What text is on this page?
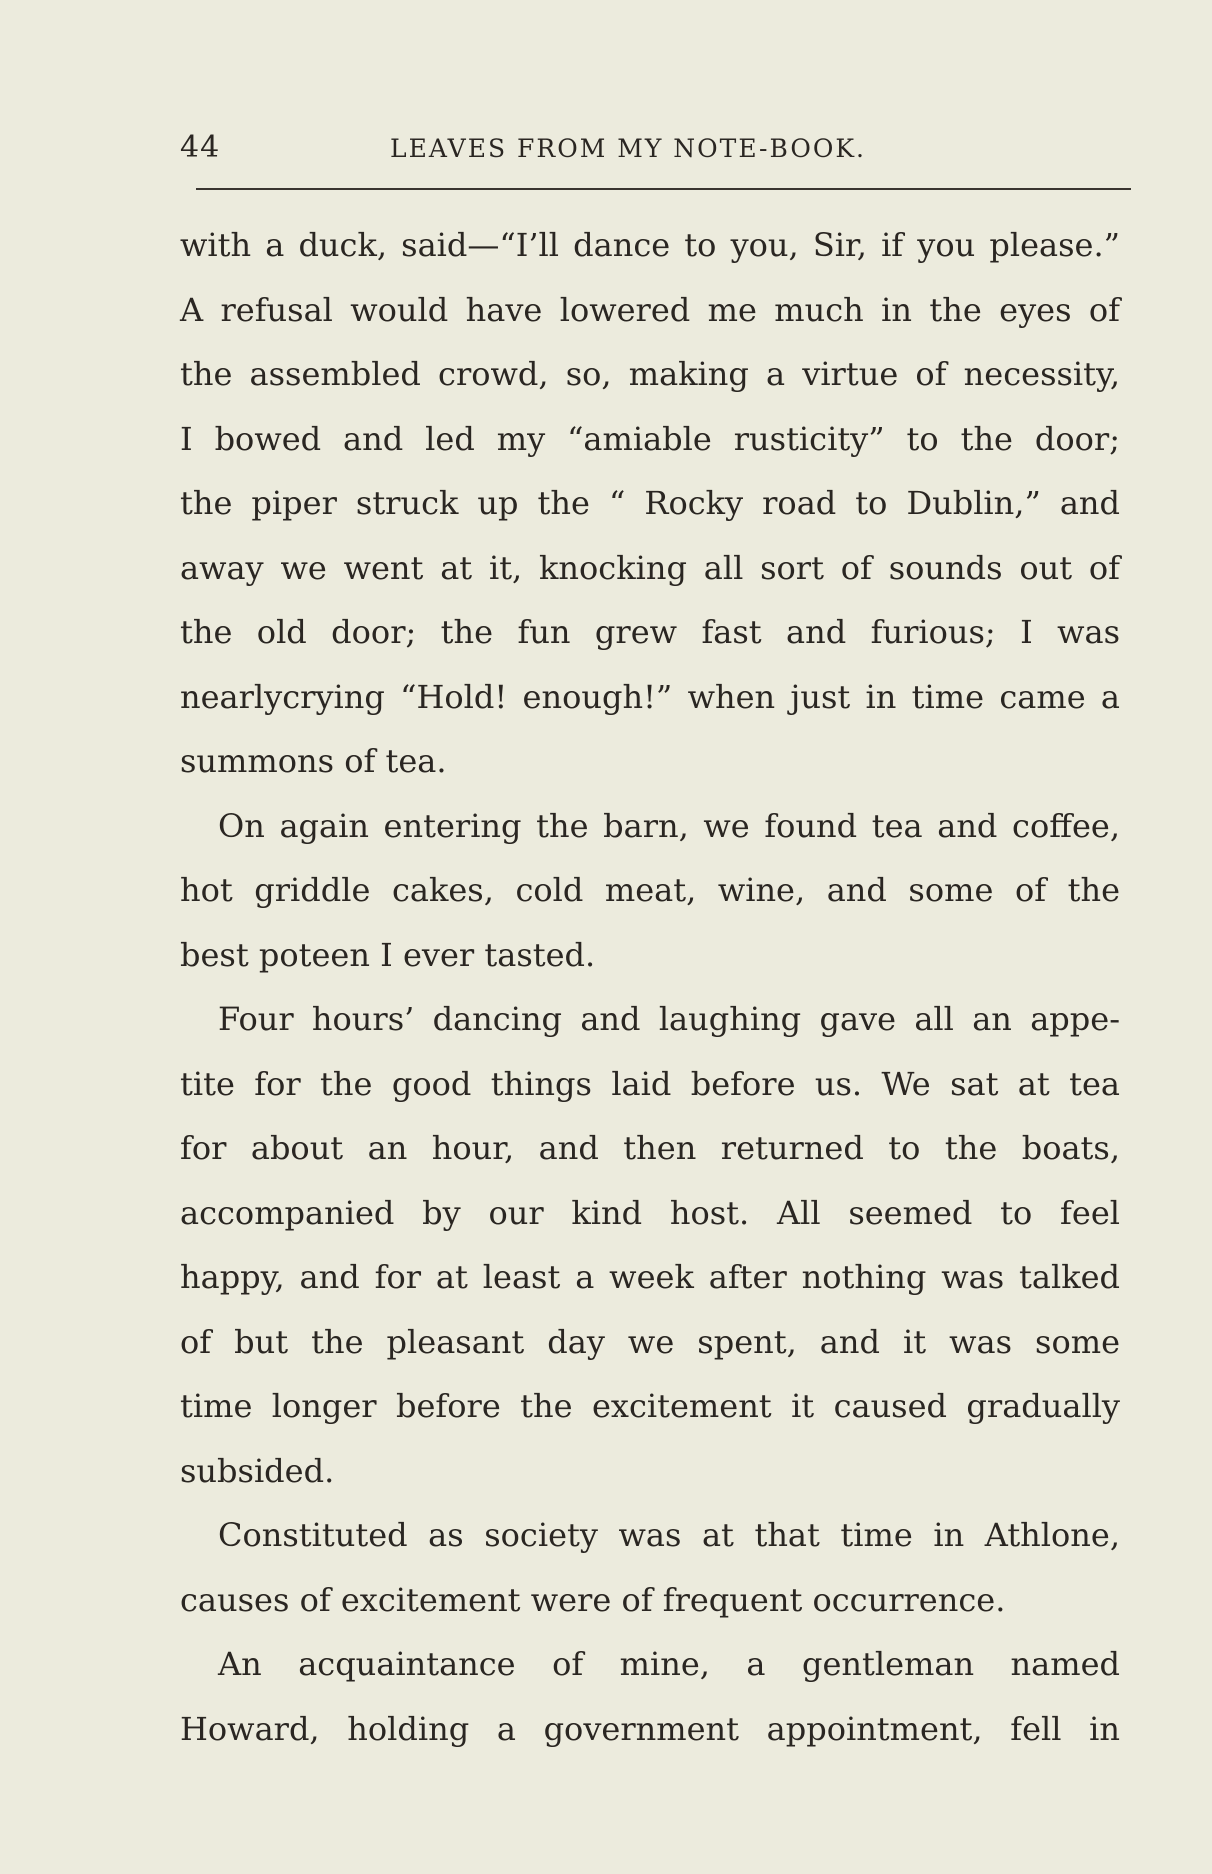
44	LEAVES FROM MY NOTE-BOOK.
with a duck, said—“I’ll dance to you, Sir, if you please.”
A refusal would have lowered me much in the eyes of
the assembled crowd, so, making a virtue of necessity,
I bowed and led my “amiable rusticity” to the door;
the piper struck up the “ Rocky road to Dublin,” and
away we went at it, knocking all sort of sounds out of
the old door; the fun grew fast and furious; I was
nearlycrying “Hold! enough!” when just in time came a
summons of tea.
On again entering the barn, we found tea and coffee,
hot griddle cakes, cold meat, wine, and some of the
best poteen I ever tasted.
Four hours’ dancing and laughing gave all an appe-
tite for the good things laid before us. We sat at tea
for about an hour, and then returned to the boats,
accompanied by our kind host. All seemed to feel
happy, and for at least a week after nothing was talked
of but the pleasant day we spent, and it was some
time longer before the excitement it caused gradually
subsided.
Constituted as society was at that time in Athlone,
causes of excitement were of frequent occurrence.
An acquaintance of mine, a gentleman named
Howard, holding a government appointment, fell in
